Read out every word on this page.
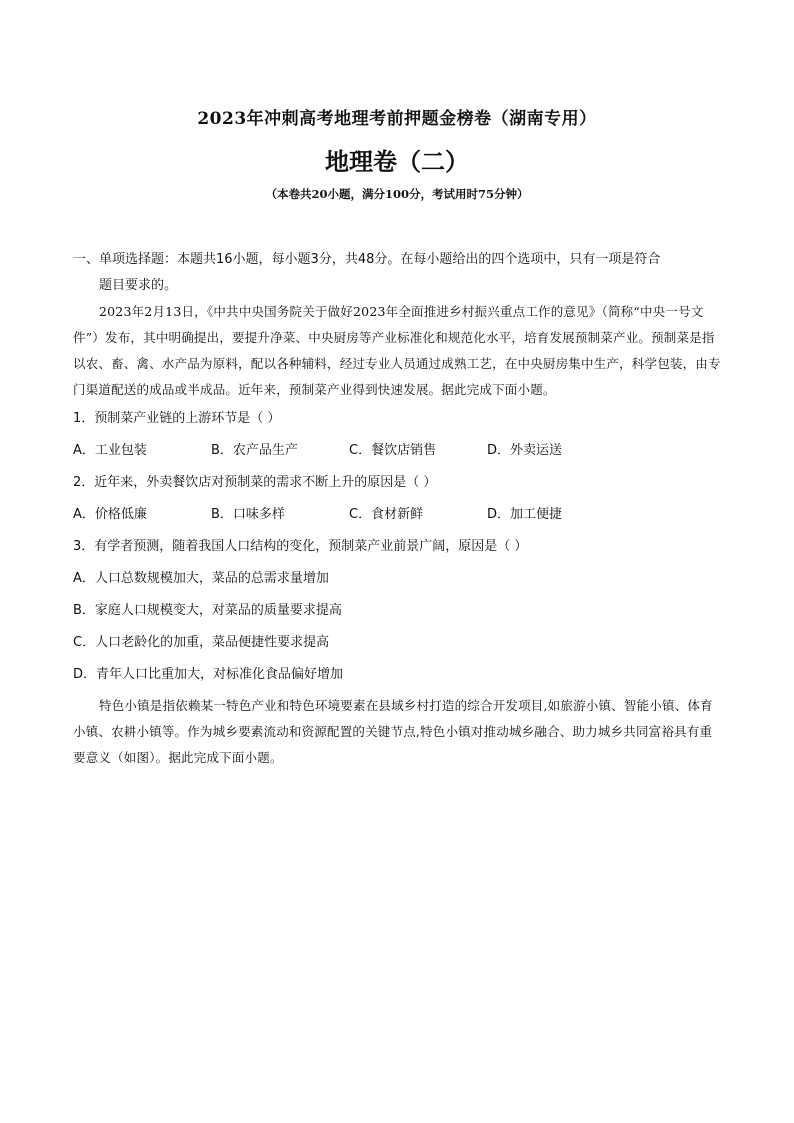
2023年冲刺高考地理考前押题金榜卷（湖南专用）
地理卷（二）
（本卷共20小题，满分100分，考试用时75分钟）
一、单项选择题：本题共16小题，每小题3分，共48分。在每小题给出的四个选项中，只有一项是符合
题目要求的。

2023年2月13日，《中共中央国务院关于做好2023年全面推进乡村振兴重点工作的意见》（简称“中央一号文件”）发布，其中明确提出，要提升净菜、中央厨房等产业标准化和规范化水平，培育发展预制菜产业。预制菜是指以农、畜、禽、水产品为原料，配以各种辅料，经过专业人员通过成熟工艺，在中央厨房集中生产，科学包装，由专门渠道配送的成品或半成品。近年来，预制菜产业得到快速发展。据此完成下面小题。

1．预制菜产业链的上游环节是（ ）

A．工业包装	B．农产品生产	C．餐饮店销售	D．外卖运送

2．近年来，外卖餐饮店对预制菜的需求不断上升的原因是（ ）

A．价格低廉	B．口味多样	C．食材新鲜	D．加工便捷

3．有学者预测，随着我国人口结构的变化，预制菜产业前景广阔，原因是（ ）

A．人口总数规模加大，菜品的总需求量增加

B．家庭人口规模变大，对菜品的质量要求提高

C．人口老龄化的加重，菜品便捷性要求提高

D．青年人口比重加大，对标准化食品偏好增加

特色小镇是指依赖某一特色产业和特色环境要素在县域乡村打造的综合开发项目,如旅游小镇、智能小镇、体育小镇、农耕小镇等。作为城乡要素流动和资源配置的关键节点,特色小镇对推动城乡融合、助力城乡共同富裕具有重要意义（如图）。据此完成下面小题。
